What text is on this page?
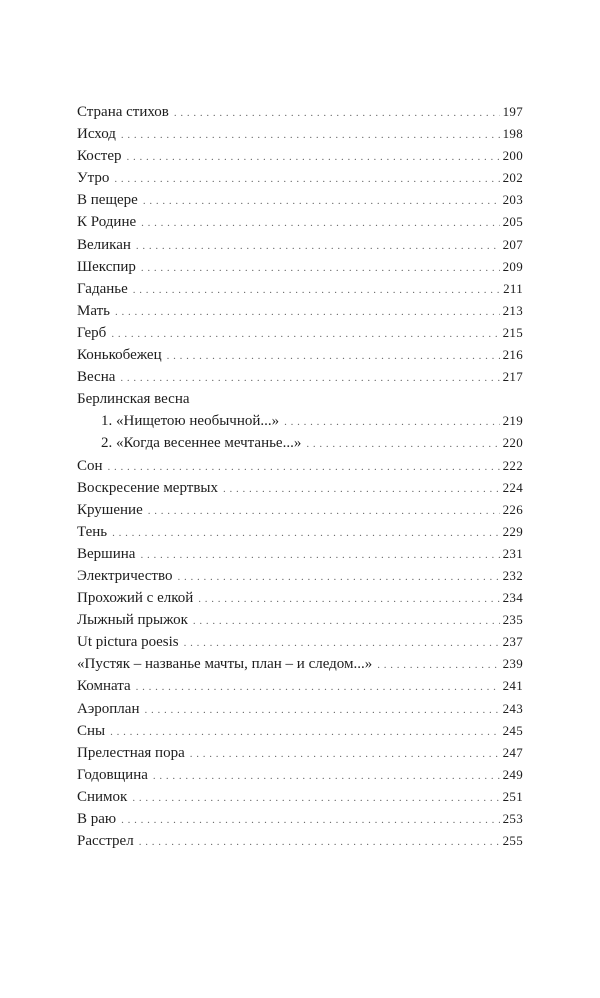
Страна стихов . . .	197
Исход . . .	198
Костер . . .	200
Утро . . .	202
В пещере . . .	203
К Родине . . .	205
Великан . . .	207
Шекспир . . .	209
Гаданье . . .	211
Мать . . .	213
Герб . . .	215
Конькобежец . . .	216
Весна . . .	217
Берлинская весна
1. «Нищетою необычной...» . . .	219
2. «Когда весеннее мечтанье...» . . .	220
Сон . . .	222
Воскресение мертвых . . .	224
Крушение . . .	226
Тень . . .	229
Вершина . . .	231
Электричество . . .	232
Прохожий с елкой . . .	234
Лыжный прыжок . . .	235
Ut pictura poesis . . .	237
«Пустяк – названье мачты, план – и следом...» . . .	239
Комната . . .	241
Аэроплан . . .	243
Сны . . .	245
Прелестная пора . . .	247
Годовщина . . .	249
Снимок . . .	251
В раю . . .	253
Расстрел . . .	255
